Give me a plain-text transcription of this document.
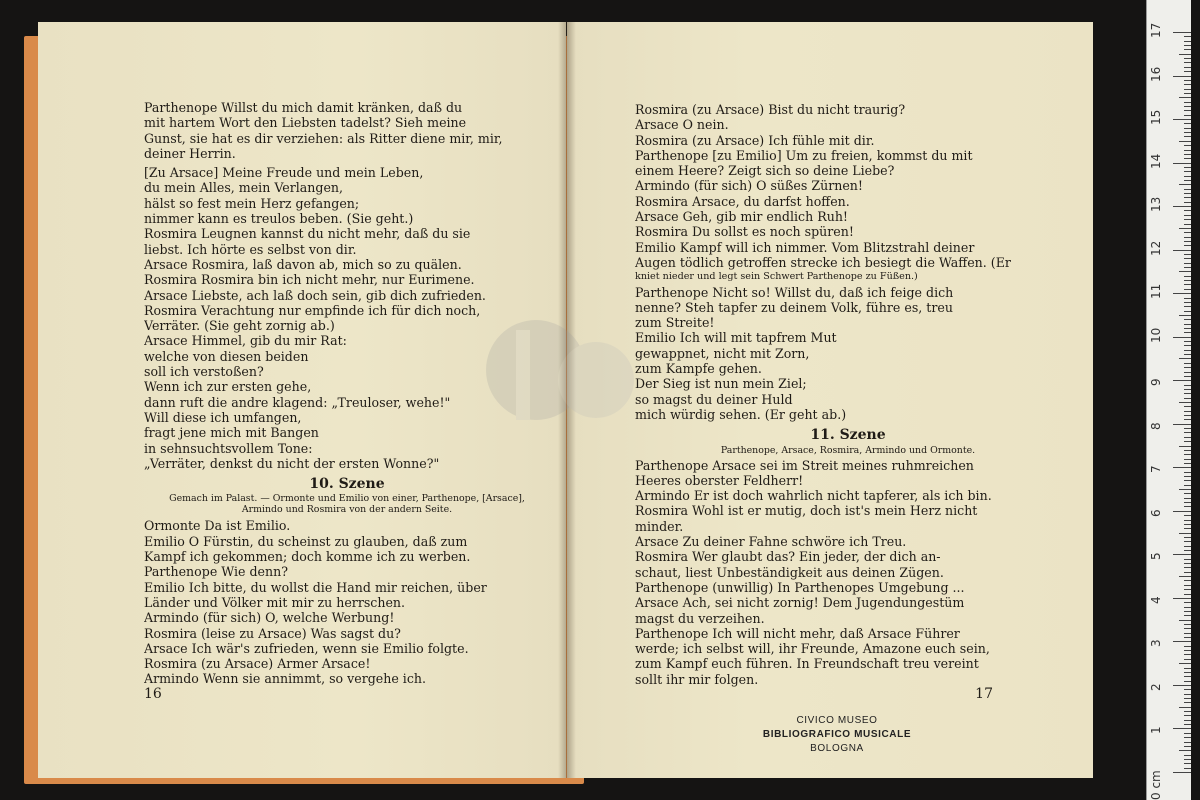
Parthenope Willst du mich damit kränken, daß du
mit hartem Wort den Liebsten tadelst? Sieh meine
Gunst, sie hat es dir verziehen: als Ritter diene mir, mir,
deiner Herrin.
[Zu Arsace] Meine Freude und mein Leben,
du mein Alles, mein Verlangen,
hälst so fest mein Herz gefangen;
nimmer kann es treulos beben. (Sie geht.)
Rosmira Leugnen kannst du nicht mehr, daß du sie
liebst. Ich hörte es selbst von dir.
Arsace Rosmira, laß davon ab, mich so zu quälen.
Rosmira Rosmira bin ich nicht mehr, nur Eurimene.
Arsace Liebste, ach laß doch sein, gib dich zufrieden.
Rosmira Verachtung nur empfinde ich für dich noch,
Verräter. (Sie geht zornig ab.)
Arsace Himmel, gib du mir Rat:
welche von diesen beiden
soll ich verstoßen?
Wenn ich zur ersten gehe,
dann ruft die andre klagend: „Treuloser, wehe!"
Will diese ich umfangen,
fragt jene mich mit Bangen
in sehnsuchtsvollem Tone:
„Verräter, denkst du nicht der ersten Wonne?"
10. Szene
Gemach im Palast. — Ormonte und Emilio von einer, Parthenope, [Arsace],
Armindo und Rosmira von der andern Seite.
Ormonte Da ist Emilio.
Emilio O Fürstin, du scheinst zu glauben, daß zum
Kampf ich gekommen; doch komme ich zu werben.
Parthenope Wie denn?
Emilio Ich bitte, du wollst die Hand mir reichen, über
Länder und Völker mit mir zu herrschen.
Armindo (für sich) O, welche Werbung!
Rosmira (leise zu Arsace) Was sagst du?
Arsace Ich wär's zufrieden, wenn sie Emilio folgte.
Rosmira (zu Arsace) Armer Arsace!
Armindo Wenn sie annimmt, so vergehe ich.
16
Rosmira (zu Arsace) Bist du nicht traurig?
Arsace O nein.
Rosmira (zu Arsace) Ich fühle mit dir.
Parthenope [zu Emilio] Um zu freien, kommst du mit
einem Heere? Zeigt sich so deine Liebe?
Armindo (für sich) O süßes Zürnen!
Rosmira Arsace, du darfst hoffen.
Arsace Geh, gib mir endlich Ruh!
Rosmira Du sollst es noch spüren!
Emilio Kampf will ich nimmer. Vom Blitzstrahl deiner
Augen tödlich getroffen strecke ich besiegt die Waffen. (Er
kniet nieder und legt sein Schwert Parthenope zu Füßen.)
Parthenope Nicht so! Willst du, daß ich feige dich
nenne? Steh tapfer zu deinem Volk, führe es, treu
zum Streite!
Emilio Ich will mit tapfrem Mut
gewappnet, nicht mit Zorn,
zum Kampfe gehen.
Der Sieg ist nun mein Ziel;
so magst du deiner Huld
mich würdig sehen. (Er geht ab.)
11. Szene
Parthenope, Arsace, Rosmira, Armindo und Ormonte.
Parthenope Arsace sei im Streit meines ruhmreichen
Heeres oberster Feldherr!
Armindo Er ist doch wahrlich nicht tapferer, als ich bin.
Rosmira Wohl ist er mutig, doch ist's mein Herz nicht
minder.
Arsace Zu deiner Fahne schwöre ich Treu.
Rosmira Wer glaubt das? Ein jeder, der dich an-
schaut, liest Unbeständigkeit aus deinen Zügen.
Parthenope (unwillig) In Parthenopes Umgebung ...
Arsace Ach, sei nicht zornig! Dem Jugendungestüm
magst du verzeihen.
Parthenope Ich will nicht mehr, daß Arsace Führer
werde; ich selbst will, ihr Freunde, Amazone euch sein,
zum Kampf euch führen. In Freundschaft treu vereint
sollt ihr mir folgen.
17
CIVICO MUSEO
BIBLIOGRAFICO MUSICALE
BOLOGNA
0 cm
1
2
3
4
5
6
7
8
9
10
11
12
13
14
15
16
17
